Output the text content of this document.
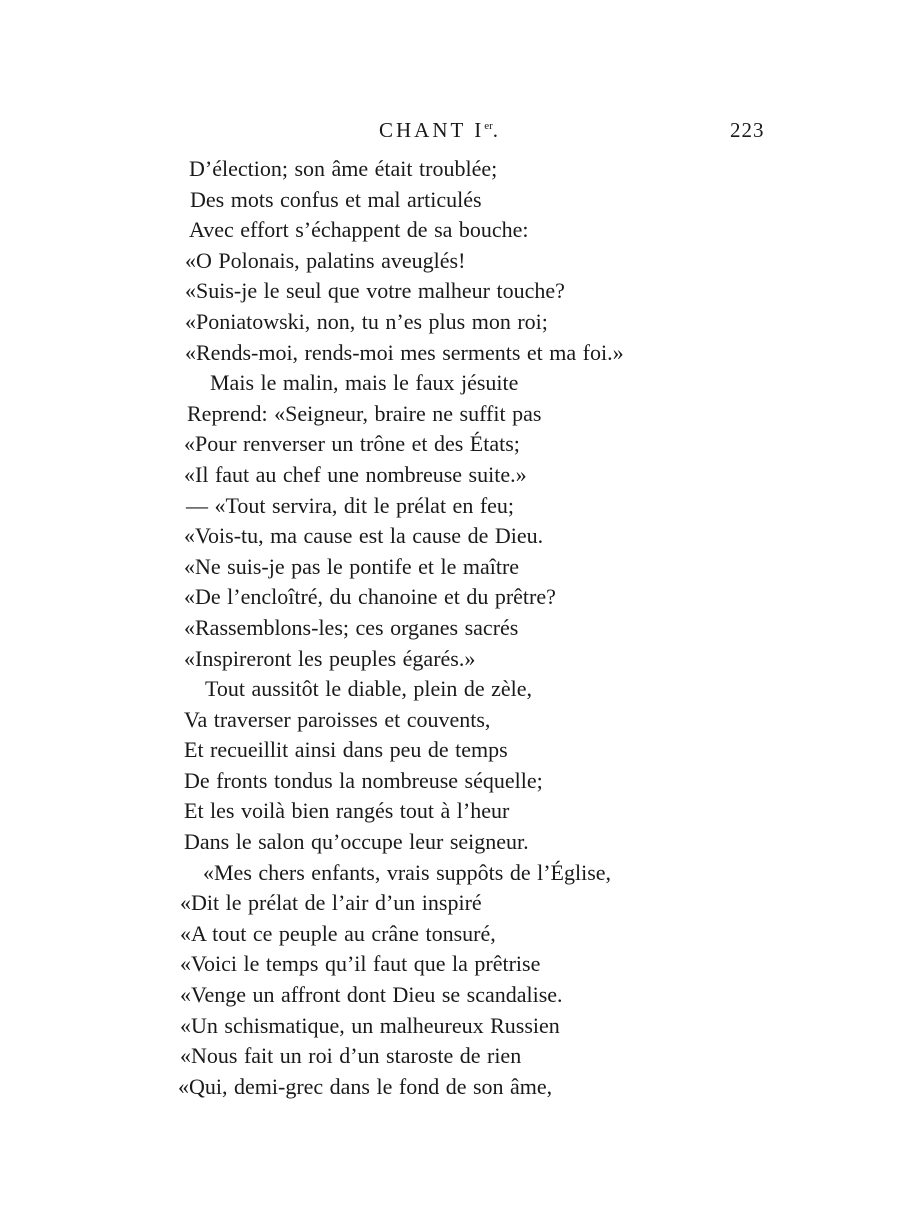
CHANT Ier.	223
D’élection; son âme était troublée;
Des mots confus et mal articulés
Avec effort s’échappent de sa bouche:
«O Polonais, palatins aveuglés!
«Suis-je le seul que votre malheur touche?
«Poniatowski, non, tu n’es plus mon roi;
«Rends-moi, rends-moi mes serments et ma foi.»
Mais le malin, mais le faux jésuite
Reprend: «Seigneur, braire ne suffit pas
«Pour renverser un trône et des États;
«Il faut au chef une nombreuse suite.»
— «Tout servira, dit le prélat en feu;
«Vois-tu, ma cause est la cause de Dieu.
«Ne suis-je pas le pontife et le maître
«De l’encloîtré, du chanoine et du prêtre?
«Rassemblons-les; ces organes sacrés
«Inspireront les peuples égarés.»
Tout aussitôt le diable, plein de zèle,
Va traverser paroisses et couvents,
Et recueillit ainsi dans peu de temps
De fronts tondus la nombreuse séquelle;
Et les voilà bien rangés tout à l’heur
Dans le salon qu’occupe leur seigneur.
«Mes chers enfants, vrais suppôts de l’Église,
«Dit le prélat de l’air d’un inspiré
«A tout ce peuple au crâne tonsuré,
«Voici le temps qu’il faut que la prêtrise
«Venge un affront dont Dieu se scandalise.
«Un schismatique, un malheureux Russien
«Nous fait un roi d’un staroste de rien
«Qui, demi-grec dans le fond de son âme,
